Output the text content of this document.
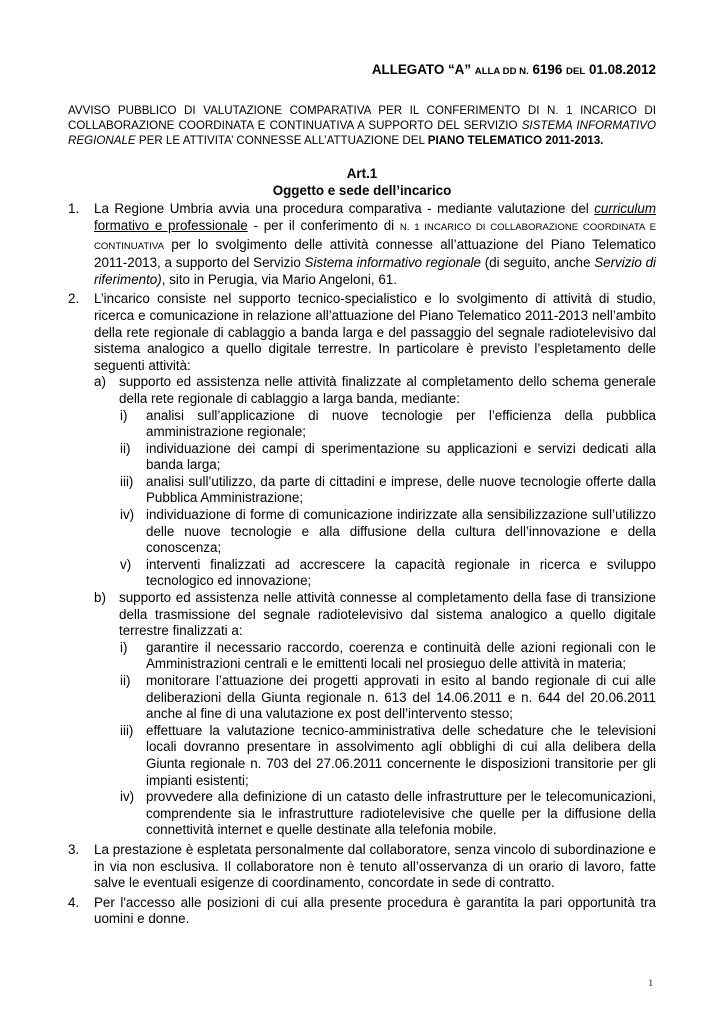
ALLEGATO “A” ALLA DD N. 6196 DEL 01.08.2012
AVVISO PUBBLICO DI VALUTAZIONE COMPARATIVA PER IL CONFERIMENTO DI N. 1 INCARICO DI COLLABORAZIONE COORDINATA E CONTINUATIVA A SUPPORTO DEL SERVIZIO SISTEMA INFORMATIVO REGIONALE PER LE ATTIVITA’ CONNESSE ALL’ATTUAZIONE DEL PIANO TELEMATICO 2011-2013.

Art.1

Oggetto e sede dell’incarico

1. La Regione Umbria avvia una procedura comparativa - mediante valutazione del curriculum formativo e professionale - per il conferimento di N. 1 INCARICO DI COLLABORAZIONE COORDINATA E CONTINUATIVA per lo svolgimento delle attività connesse all’attuazione del Piano Telematico 2011-2013, a supporto del Servizio Sistema informativo regionale (di seguito, anche Servizio di riferimento), sito in Perugia, via Mario Angeloni, 61.
2. L’incarico consiste nel supporto tecnico-specialistico e lo svolgimento di attività di studio, ricerca e comunicazione in relazione all’attuazione del Piano Telematico 2011-2013 nell’ambito della rete regionale di cablaggio a banda larga e del passaggio del segnale radiotelevisivo dal sistema analogico a quello digitale terrestre. In particolare è previsto l’espletamento delle seguenti attività:
a) supporto ed assistenza nelle attività finalizzate al completamento dello schema generale della rete regionale di cablaggio a larga banda, mediante:
i) analisi sull’applicazione di nuove tecnologie per l’efficienza della pubblica amministrazione regionale;
ii) individuazione dei campi di sperimentazione su applicazioni e servizi dedicati alla banda larga;
iii) analisi sull’utilizzo, da parte di cittadini e imprese, delle nuove tecnologie offerte dalla Pubblica Amministrazione;
iv) individuazione di forme di comunicazione indirizzate alla sensibilizzazione sull’utilizzo delle nuove tecnologie e alla diffusione della cultura dell’innovazione e della conoscenza;
v) interventi finalizzati ad accrescere la capacità regionale in ricerca e sviluppo tecnologico ed innovazione;
b) supporto ed assistenza nelle attività connesse al completamento della fase di transizione della trasmissione del segnale radiotelevisivo dal sistema analogico a quello digitale terrestre finalizzati a:
i) garantire il necessario raccordo, coerenza e continuità delle azioni regionali con le Amministrazioni centrali e le emittenti locali nel prosieguo delle attività in materia;
ii) monitorare l’attuazione dei progetti approvati in esito al bando regionale di cui alle deliberazioni della Giunta regionale n. 613 del 14.06.2011 e n. 644 del 20.06.2011 anche al fine di una valutazione ex post dell’intervento stesso;
iii) effettuare la valutazione tecnico-amministrativa delle schedature che le televisioni locali dovranno presentare in assolvimento agli obblighi di cui alla delibera della Giunta regionale n. 703 del 27.06.2011 concernente le disposizioni transitorie per gli impianti esistenti;
iv) provvedere alla definizione di un catasto delle infrastrutture per le telecomunicazioni, comprendente sia le infrastrutture radiotelevisive che quelle per la diffusione della connettività internet e quelle destinate alla telefonia mobile.
3. La prestazione è espletata personalmente dal collaboratore, senza vincolo di subordinazione e in via non esclusiva. Il collaboratore non è tenuto all’osservanza di un orario di lavoro, fatte salve le eventuali esigenze di coordinamento, concordate in sede di contratto.
4. Per l'accesso alle posizioni di cui alla presente procedura è garantita la pari opportunità tra uomini e donne.
1
